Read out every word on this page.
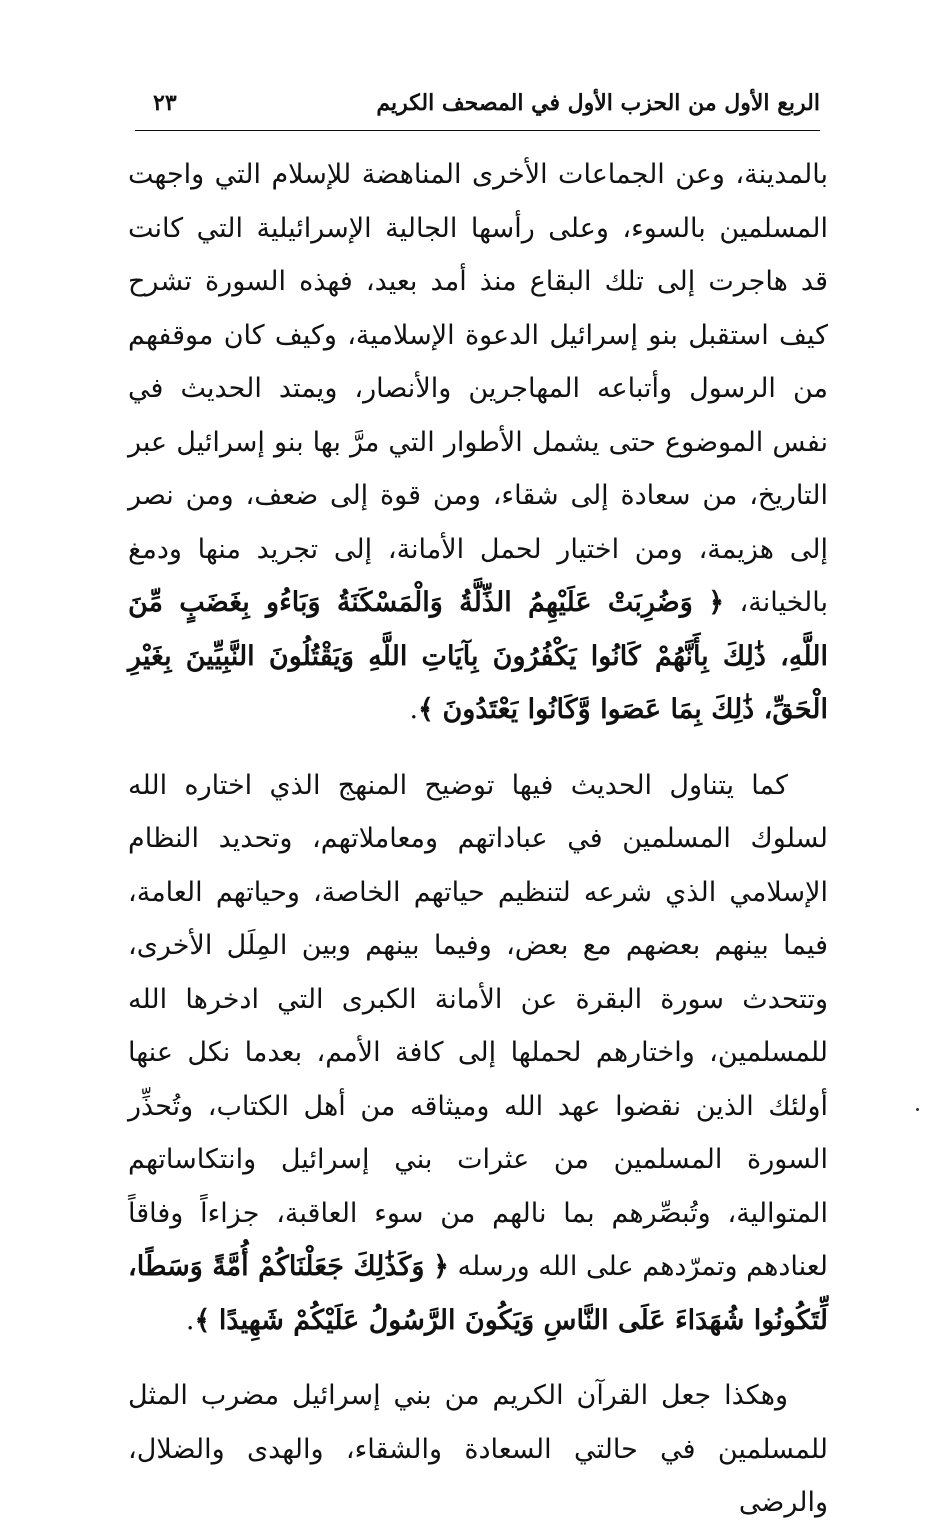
الربع الأول من الحزب الأول في المصحف الكريم
٢٣

بالمدينة، وعن الجماعات الأخرى المناهضة للإسلام التي واجهت المسلمين بالسوء، وعلى رأسها الجالية الإسرائيلية التي كانت قد هاجرت إلى تلك البقاع منذ أمد بعيد، فهذه السورة تشرح كيف استقبل بنو إسرائيل الدعوة الإسلامية، وكيف كان موقفهم من الرسول وأتباعه المهاجرين والأنصار، ويمتد الحديث في نفس الموضوع حتى يشمل الأطوار التي مرَّ بها بنو إسرائيل عبر التاريخ، من سعادة إلى شقاء، ومن قوة إلى ضعف، ومن نصر إلى هزيمة، ومن اختيار لحمل الأمانة، إلى تجريد منها ودمغ بالخيانة، ﴿ وَضُرِبَتْ عَلَيْهِمُ الذِّلَّةُ وَالْمَسْكَنَةُ وَبَاءُو بِغَضَبٍ مِّنَ اللَّهِ، ذَٰلِكَ بِأَنَّهُمْ كَانُوا يَكْفُرُونَ بِآيَاتِ اللَّهِ وَيَقْتُلُونَ النَّبِيِّينَ بِغَيْرِ الْحَقِّ، ذَٰلِكَ بِمَا عَصَوا وَّكَانُوا يَعْتَدُونَ ﴾.

كما يتناول الحديث فيها توضيح المنهج الذي اختاره الله لسلوك المسلمين في عباداتهم ومعاملاتهم، وتحديد النظام الإسلامي الذي شرعه لتنظيم حياتهم الخاصة، وحياتهم العامة، فيما بينهم بعضهم مع بعض، وفيما بينهم وبين المِلَل الأخرى، وتتحدث سورة البقرة عن الأمانة الكبرى التي ادخرها الله للمسلمين، واختارهم لحملها إلى كافة الأمم، بعدما نكل عنها أولئك الذين نقضوا عهد الله وميثاقه من أهل الكتاب، وتُحذِّر السورة المسلمين من عثرات بني إسرائيل وانتكاساتهم المتوالية، وتُبصِّرهم بما نالهم من سوء العاقبة، جزاءاً وفاقاً لعنادهم وتمرّدهم على الله ورسله ﴿ وَكَذَٰلِكَ جَعَلْنَاكُمْ أُمَّةً وَسَطًا، لِّتَكُونُوا شُهَدَاءَ عَلَى النَّاسِ وَيَكُونَ الرَّسُولُ عَلَيْكُمْ شَهِيدًا ﴾.

وهكذا جعل القرآن الكريم من بني إسرائيل مضرب المثل للمسلمين في حالتي السعادة والشقاء، والهدى والضلال، والرضى
